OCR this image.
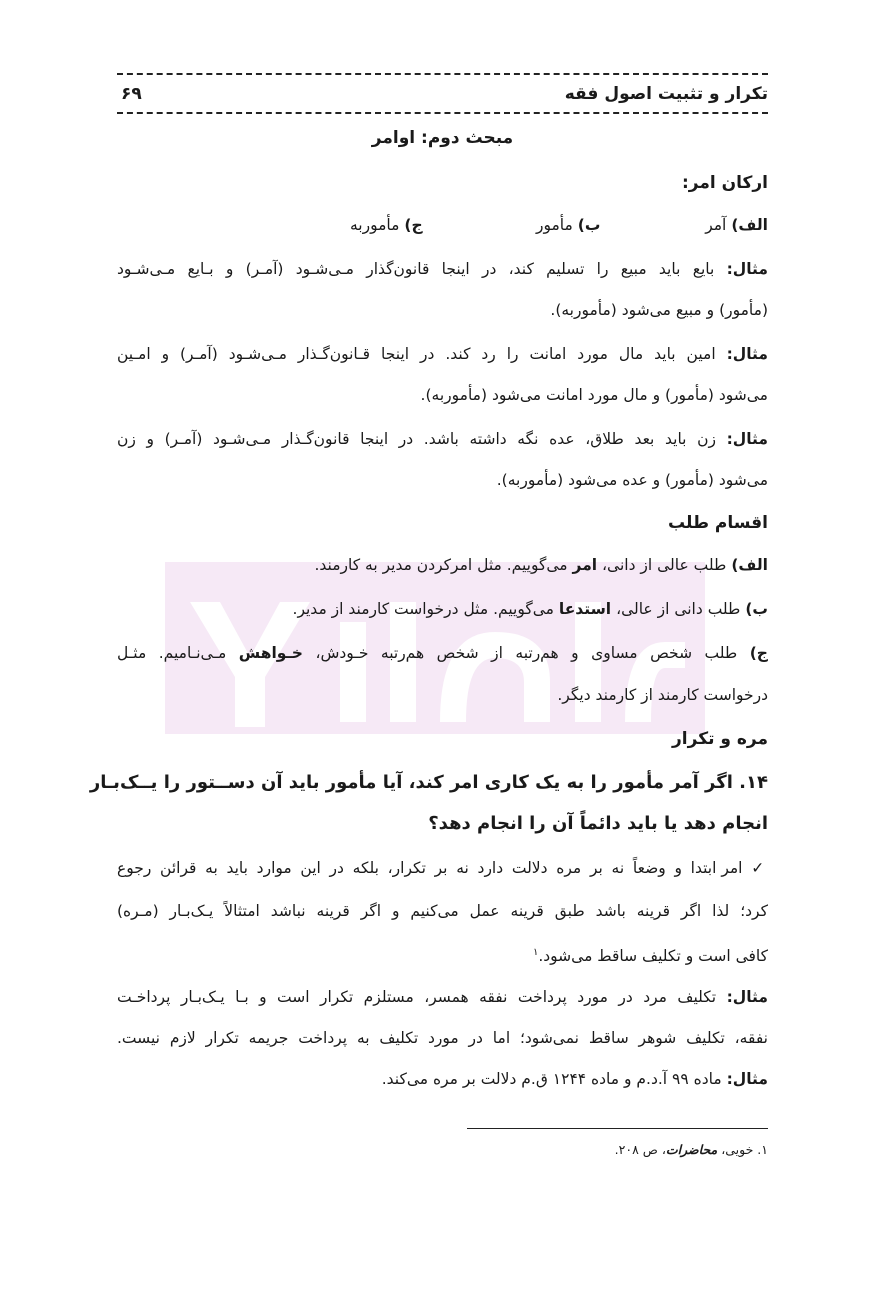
تکرار و تثبیت اصول فقه
۶۹
مبحث دوم: اوامر
ارکان امر:
الف) آمرب) مأمورج) مأموربه
مثال: بایع باید مبیع را تسلیم کند، در اینجا قانون‌گذار مـی‌شـود (آمـر) و بـایع مـی‌شـود
(مأمور) و مبیع می‌شود (مأموربه).
مثال: امین باید مال مورد امانت را رد کند. در اینجا قـانون‌گـذار مـی‌شـود (آمـر) و امـین
می‌شود (مأمور) و مال مورد امانت می‌شود (مأموربه).
مثال: زن باید بعد طلاق، عده نگه داشته باشد. در اینجا قانون‌گـذار مـی‌شـود (آمـر) و زن
می‌شود (مأمور) و عده می‌شود (مأموربه).
اقسام طلب
الف) طلب عالی از دانی، امر می‌گوییم. مثل امرکردن مدیر به کارمند.
ب) طلب دانی از عالی، استدعا می‌گوییم. مثل درخواست کارمند از مدیر.
ج) طلب شخص مساوی و هم‌رتبه از شخص هم‌رتبه خـودش، خـواهش مـی‌نـامیم. مثـل
درخواست کارمند از کارمند دیگر.
مره و تکرار
۱۴. اگر آمر مأمور را به یک کاری امر کند، آیا مأمور باید آن دســتور را یــک‌بـار
انجام دهد یا باید دائماً آن را انجام دهد؟
✓ امر ابتدا و وضعاً نه بر مره دلالت دارد نه بر تکرار، بلکه در این موارد باید به قرائن رجوع
کرد؛ لذا اگر قرینه باشد طبق قرینه عمل می‌کنیم و اگر قرینه نباشد امتثالاً یـک‌بـار (مـره)
کافی است و تکلیف ساقط می‌شود.$^۱$
مثال: تکلیف مرد در مورد پرداخت نفقه همسر، مستلزم تکرار است و بـا یـک‌بـار پرداخـت
نفقه، تکلیف شوهر ساقط نمی‌شود؛ اما در مورد تکلیف به پرداخت جریمه تکرار لازم نیست.
مثال: ماده ۹۹ آ.د.م و ماده ۱۲۴۴ ق.م دلالت بر مره می‌کند.
۱. خویی، محاضرات، ص ۲۰۸.
